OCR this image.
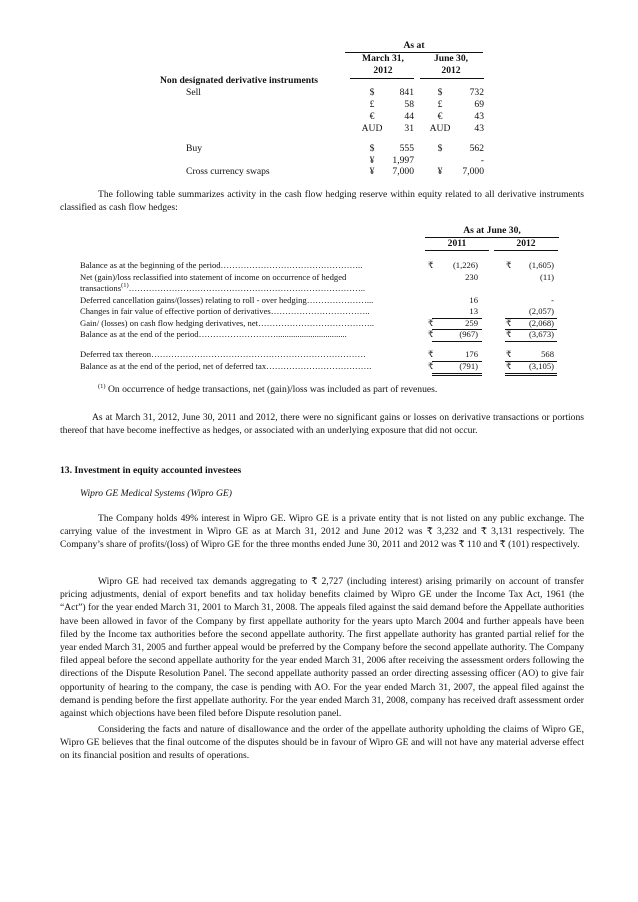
As at
March 31,
2012
June 30,
2012
Non designated derivative instruments
Sell	$	841	$	732
£	58	£	69
€	44	€	43
AUD	31	AUD	43
Buy	$	555	$	562
¥	1,997	-
Cross currency swaps	¥	7,000	¥	7,000
The following table summarizes activity in the cash flow hedging reserve within equity related to all derivative instruments classified as cash flow hedges:
As at June 30,
2011	2012
Balance as at the beginning of the period…………………………………………..	₹	(1,226)	₹	(1,605)
Net (gain)/loss reclassified into statement of income on occurrence of hedged	230	(11)
transactions$^{(1)}$………………………………………………………………………..
Deferred cancellation gains/(losses) relating to roll - over hedging…………………...	16	-
Changes in fair value of effective portion of derivatives……………………………..	13	(2,057)
Gain/ (losses) on cash flow hedging derivatives, net…………………………………..	₹	259	₹	(2,068)
Balance as at the end of the period……………………….................................	₹	(967)	₹	(3,673)
Deferred tax thereon…………………………………………………………………	₹	176	₹	568
Balance as at the end of the period, net of deferred tax……………………………….	₹	(791)	₹	(3,105)
$^{(1)}$ On occurrence of hedge transactions, net (gain)/loss was included as part of revenues.
As at March 31, 2012, June 30, 2011 and 2012, there were no significant gains or losses on derivative transactions or portions thereof that have become ineffective as hedges, or associated with an underlying exposure that did not occur.
13. Investment in equity accounted investees
Wipro GE Medical Systems (Wipro GE)
The Company holds 49% interest in Wipro GE. Wipro GE is a private entity that is not listed on any public exchange. The carrying value of the investment in Wipro GE as at March 31, 2012 and June 2012 was ₹ 3,232 and ₹ 3,131 respectively. The Company’s share of profits/(loss) of Wipro GE for the three months ended June 30, 2011 and 2012 was ₹ 110 and ₹ (101) respectively.
Wipro GE had received tax demands aggregating to ₹ 2,727 (including interest) arising primarily on account of transfer pricing adjustments, denial of export benefits and tax holiday benefits claimed by Wipro GE under the Income Tax Act, 1961 (the “Act”) for the year ended March 31, 2001 to March 31, 2008. The appeals filed against the said demand before the Appellate authorities have been allowed in favor of the Company by first appellate authority for the years upto March 2004 and further appeals have been filed by the Income tax authorities before the second appellate authority. The first appellate authority has granted partial relief for the year ended March 31, 2005 and further appeal would be preferred by the Company before the second appellate authority. The Company filed appeal before the second appellate authority for the year ended March 31, 2006 after receiving the assessment orders following the directions of the Dispute Resolution Panel. The second appellate authority passed an order directing assessing officer (AO) to give fair opportunity of hearing to the company, the case is pending with AO. For the year ended March 31, 2007, the appeal filed against the demand is pending before the first appellate authority. For the year ended March 31, 2008, company has received draft assessment order against which objections have been filed before Dispute resolution panel.
Considering the facts and nature of disallowance and the order of the appellate authority upholding the claims of Wipro GE, Wipro GE believes that the final outcome of the disputes should be in favour of Wipro GE and will not have any material adverse effect on its financial position and results of operations.
